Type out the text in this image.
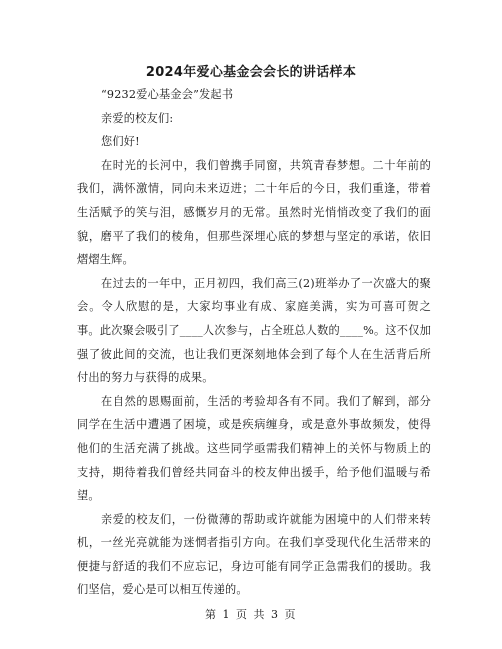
2024年爱心基金会会长的讲话样本

“9232爱心基金会”发起书

亲爱的校友们:

您们好!

在时光的长河中，我们曾携手同窗，共筑青春梦想。二十年前的

我们，满怀激情，同向未来迈进；二十年后的今日，我们重逢，带着

生活赋予的笑与泪，感慨岁月的无常。虽然时光悄悄改变了我们的面

貌，磨平了我们的棱角，但那些深埋心底的梦想与坚定的承诺，依旧

熠熠生辉。

在过去的一年中，正月初四，我们高三(2)班举办了一次盛大的聚

会。令人欣慰的是，大家均事业有成、家庭美满，实为可喜可贺之

事。此次聚会吸引了____人次参与，占全班总人数的____%。这不仅加

强了彼此间的交流，也让我们更深刻地体会到了每个人在生活背后所

付出的努力与获得的成果。

在自然的恩赐面前，生活的考验却各有不同。我们了解到，部分

同学在生活中遭遇了困境，或是疾病缠身，或是意外事故频发，使得

他们的生活充满了挑战。这些同学亟需我们精神上的关怀与物质上的

支持，期待着我们曾经共同奋斗的校友伸出援手，给予他们温暖与希

望。

亲爱的校友们，一份微薄的帮助或许就能为困境中的人们带来转

机，一丝光亮就能为迷惘者指引方向。在我们享受现代化生活带来的

便捷与舒适的我们不应忘记，身边可能有同学正急需我们的援助。我

们坚信，爱心是可以相互传递的。

第 1 页 共 3 页
